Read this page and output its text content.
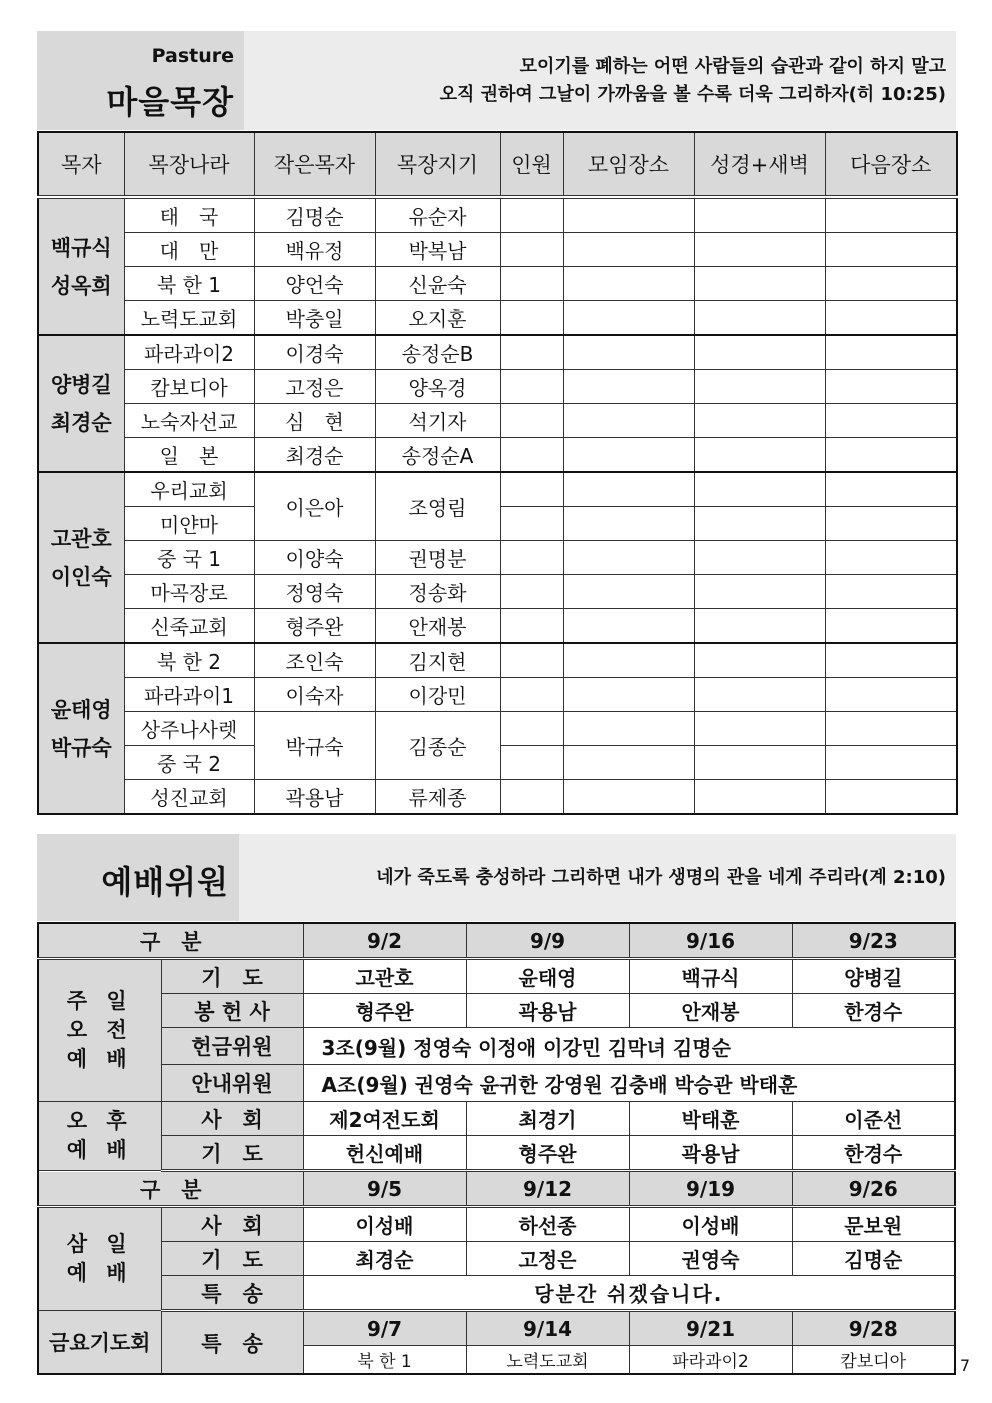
Pasture
마을목장
모이기를 폐하는 어떤 사람들의 습관과 같이 하지 말고
오직 권하여 그날이 가까움을 볼 수록 더욱 그리하자(히 10:25)
목자	목장나라	작은목자	목장지기	인원	모임장소	성경+새벽	다음장소
백규식
성옥희	태　국	김명순	유순자				
	대　만	백유정	박복남				
	북 한 1	양언숙	신윤숙				
	노력도교회	박충일	오지훈				
양병길
최경순	파라과이2	이경숙	송정순B				
	캄보디아	고정은	양옥경				
	노숙자선교	심　현	석기자				
	일　본	최경순	송정순A				
고관호
이인숙	우리교회	이은아	조영림				
	미얀마						
	중 국 1	이양숙	권명분				
	마곡장로	정영숙	정송화				
	신죽교회	형주완	안재봉				
윤태영
박규숙	북 한 2	조인숙	김지현				
	파라과이1	이숙자	이강민				
	상주나사렛	박규숙	김종순				
	중 국 2						
	성진교회	곽용남	류제종				
예배위원	네가 죽도록 충성하라 그리하면 내가 생명의 관을 네게 주리라(계 2:10)
구　분		9/2	9/9	9/16	9/23
주 일
오 전
예 배	기　도	고관호	윤태영	백규식	양병길
	봉 헌 사	형주완	곽용남	안재봉	한경수
	헌금위원	3조(9월) 정영숙 이정애 이강민 김막녀 김명순			
	안내위원	A조(9월) 권영숙 윤귀한 강영원 김충배 박승관 박태훈			
오 후
예 배	사　회	제2여전도회	최경기	박태훈	이준선
	기　도	헌신예배	형주완	곽용남	한경수
구　분		9/5	9/12	9/19	9/26
삼 일
예 배	사　회	이성배	하선종	이성배	문보원
	기　도	최경순	고정은	권영숙	김명순
	특　송	당분간 쉬겠습니다.			
금요기도회	특　송	9/7	9/14	9/21	9/28
		북 한 1	노력도교회	파라과이2	캄보디아	7
